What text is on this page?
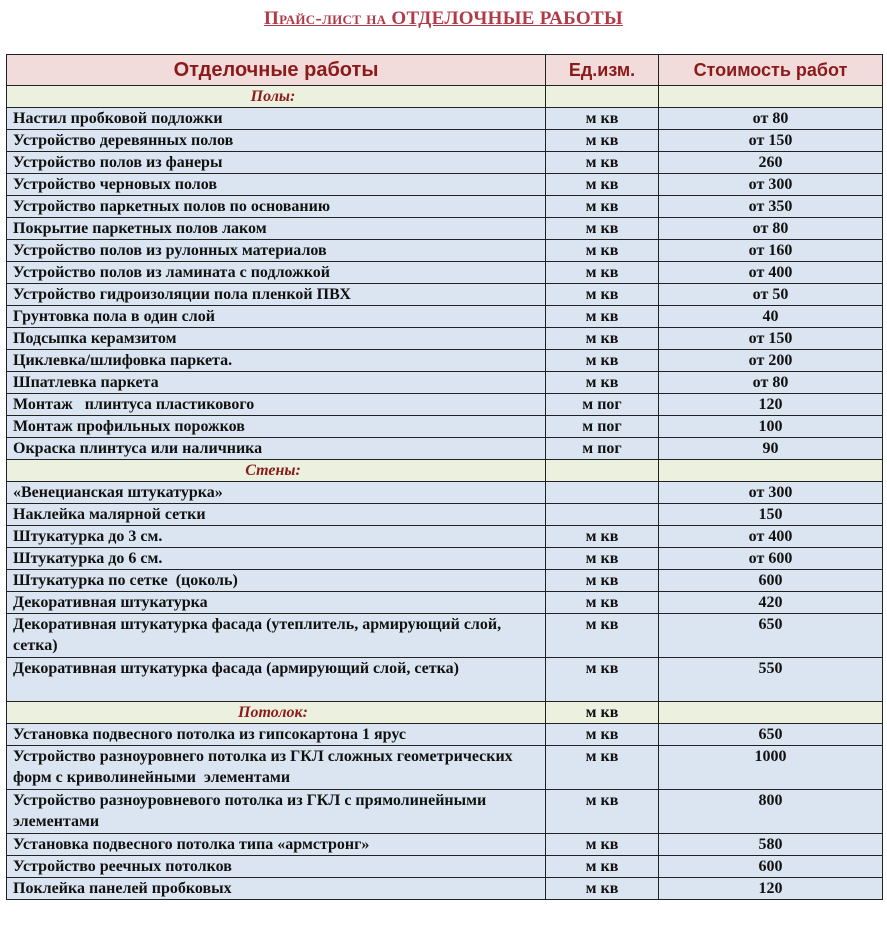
Прайс-лист на ОТДЕЛОЧНЫЕ РАБОТЫ
Отделочные работы	Ед.изм.	Стоимость работ
Полы:		
Настил пробковой подложки	м кв	от 80
Устройство деревянных полов	м кв	от 150
Устройство полов из фанеры	м кв	260
Устройство черновых полов	м кв	от 300
Устройство паркетных полов по основанию	м кв	от 350
Покрытие паркетных полов лаком	м кв	от 80
Устройство полов из рулонных материалов	м кв	от 160
Устройство полов из ламината с подложкой	м кв	от 400
Устройство гидроизоляции пола пленкой ПВХ	м кв	от 50
Грунтовка пола в один слой	м кв	40
Подсыпка керамзитом	м кв	от 150
Циклевка/шлифовка паркета.	м кв	от 200
Шпатлевка паркета	м кв	от 80
Монтаж   плинтуса пластикового	м пог	120
Монтаж профильных порожков	м пог	100
Окраска плинтуса или наличника	м пог	90
Стены:		
«Венецианская штукатурка»		от 300
Наклейка малярной сетки		150
Штукатурка до 3 см.	м кв	от 400
Штукатурка до 6 см.	м кв	от 600
Штукатурка по сетке  (цоколь)	м кв	600
Декоративная штукатурка	м кв	420
Декоративная штукатурка фасада (утеплитель, армирующий слой, сетка)	м кв	650
Декоративная штукатурка фасада (армирующий слой, сетка)	м кв	550
Потолок:	м кв	
Установка подвесного потолка из гипсокартона 1 ярус	м кв	650
Устройство разноуровнего потолка из ГКЛ сложных геометрических форм с криволинейными  элементами	м кв	1000
Устройство разноуровневого потолка из ГКЛ с прямолинейными элементами	м кв	800
Установка подвесного потолка типа «армстронг»	м кв	580
Устройство реечных потолков	м кв	600
Поклейка панелей пробковых	м кв	120
